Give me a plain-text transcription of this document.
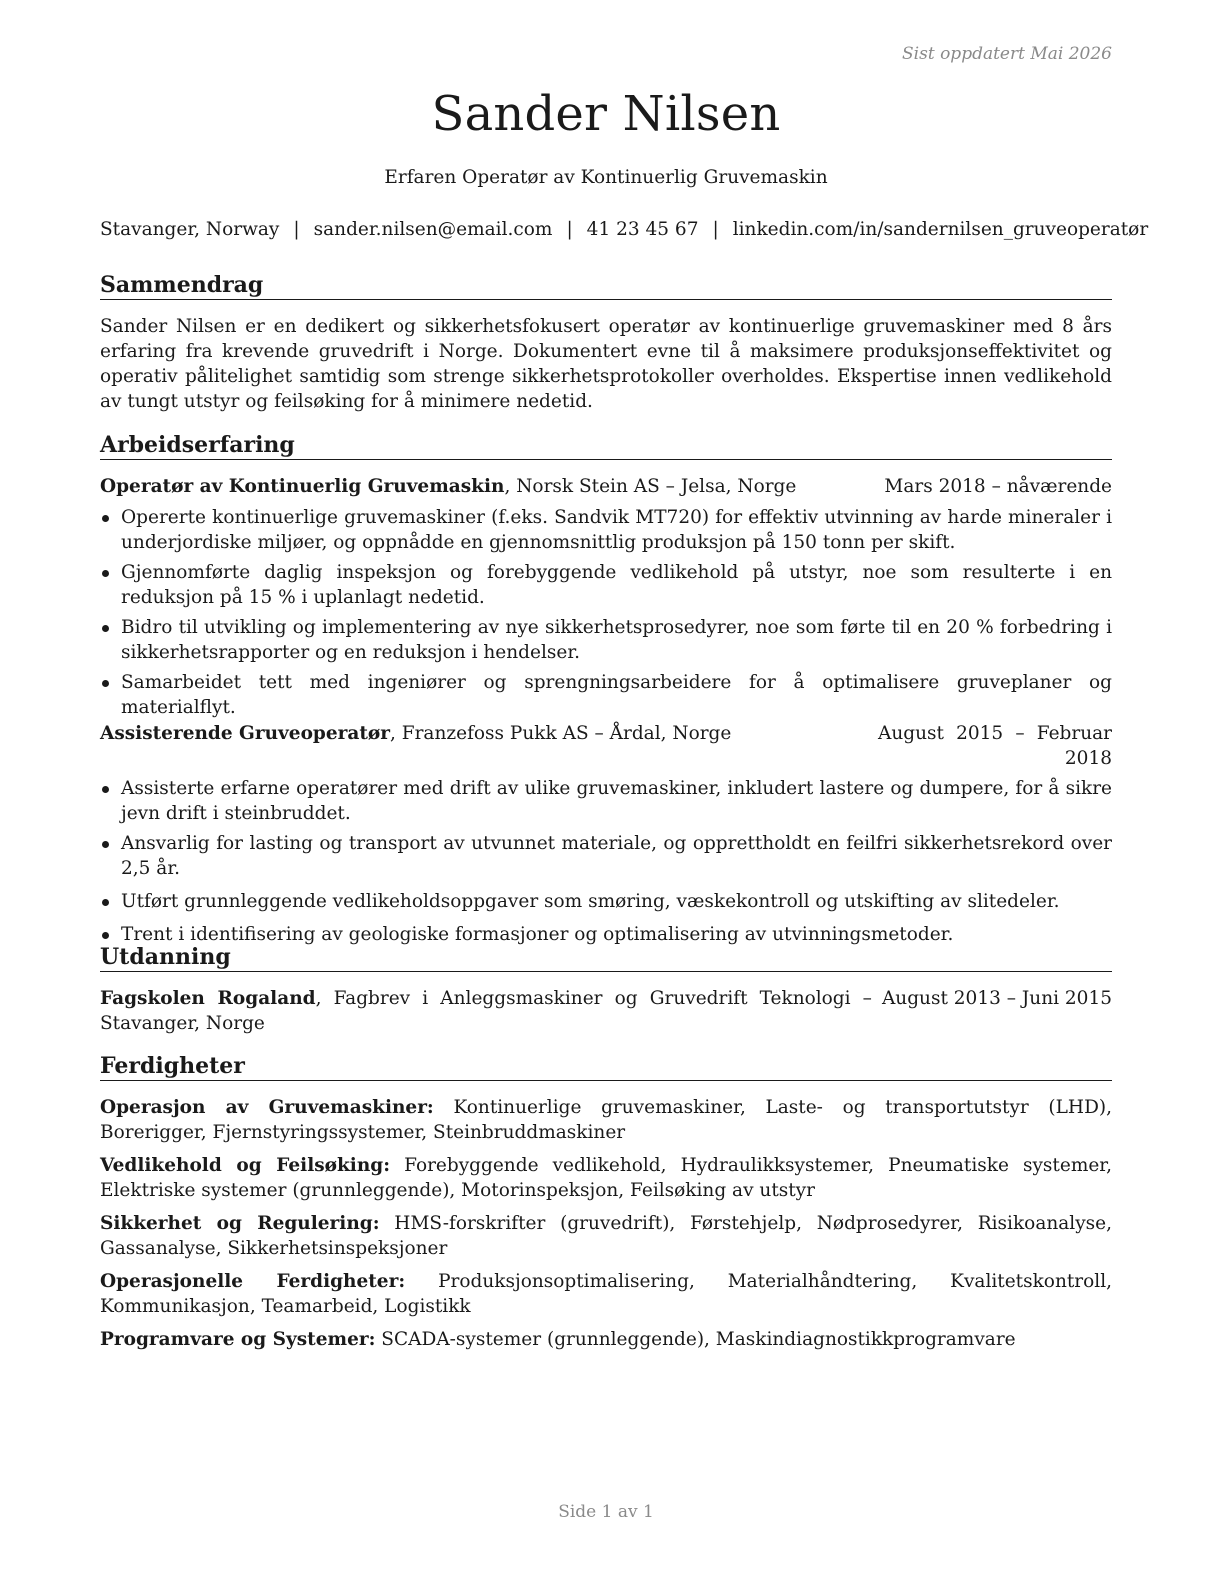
Sist oppdatert Mai 2026
Sander Nilsen
Erfaren Operatør av Kontinuerlig Gruvemaskin
Stavanger, Norway | sander.nilsen@email.com | 41 23 45 67 | linkedin.com/in/sandernilsen_gruveoperatør
Sammendrag
Sander Nilsen er en dedikert og sikkerhetsfokusert operatør av kontinuerlige gruvemaskiner med 8 års erfaring fra krevende gruvedrift i Norge. Dokumentert evne til å maksimere produksjonseffektivitet og operativ pålitelighet samtidig som strenge sikkerhetsprotokoller overholdes. Ekspertise innen vedlikehold av tungt utstyr og feilsøking for å minimere nedetid.
Arbeidserfaring
Operatør av Kontinuerlig Gruvemaskin, Norsk Stein AS – Jelsa, Norge	Mars 2018 – nåværende
Opererte kontinuerlige gruvemaskiner (f.eks. Sandvik MT720) for effektiv utvinning av harde mineraler i underjordiske miljøer, og oppnådde en gjennomsnittlig produksjon på 150 tonn per skift.
Gjennomførte daglig inspeksjon og forebyggende vedlikehold på utstyr, noe som resulterte i en reduksjon på 15 % i uplanlagt nedetid.
Bidro til utvikling og implementering av nye sikkerhetsprosedyrer, noe som førte til en 20 % forbedring i sikkerhetsrapporter og en reduksjon i hendelser.
Samarbeidet tett med ingeniører og sprengningsarbeidere for å optimalisere gruveplaner og materialflyt.
Assisterende Gruveoperatør, Franzefoss Pukk AS – Årdal, Norge	August 2015 – Februar 2018
Assisterte erfarne operatører med drift av ulike gruvemaskiner, inkludert lastere og dumpere, for å sikre jevn drift i steinbruddet.
Ansvarlig for lasting og transport av utvunnet materiale, og opprettholdt en feilfri sikkerhetsrekord over 2,5 år.
Utført grunnleggende vedlikeholdsoppgaver som smøring, væskekontroll og utskifting av slitedeler.
Trent i identifisering av geologiske formasjoner og optimalisering av utvinningsmetoder.
Utdanning
Fagskolen Rogaland, Fagbrev i Anleggsmaskiner og Gruvedrift Teknologi – Stavanger, Norge
August 2013 – Juni 2015
Ferdigheter
Operasjon av Gruvemaskiner: Kontinuerlige gruvemaskiner, Laste- og transportutstyr (LHD), Borerigger, Fjernstyringssystemer, Steinbruddmaskiner
Vedlikehold og Feilsøking: Forebyggende vedlikehold, Hydraulikksystemer, Pneumatiske systemer, Elektriske systemer (grunnleggende), Motorinspeksjon, Feilsøking av utstyr
Sikkerhet og Regulering: HMS-forskrifter (gruvedrift), Førstehjelp, Nødprosedyrer, Risikoanalyse, Gassanalyse, Sikkerhetsinspeksjoner
Operasjonelle Ferdigheter: Produksjonsoptimalisering, Materialhåndtering, Kvalitetskontroll, Kommunikasjon, Teamarbeid, Logistikk
Programvare og Systemer: SCADA-systemer (grunnleggende), Maskindiagnostikkprogramvare
Side 1 av 1
